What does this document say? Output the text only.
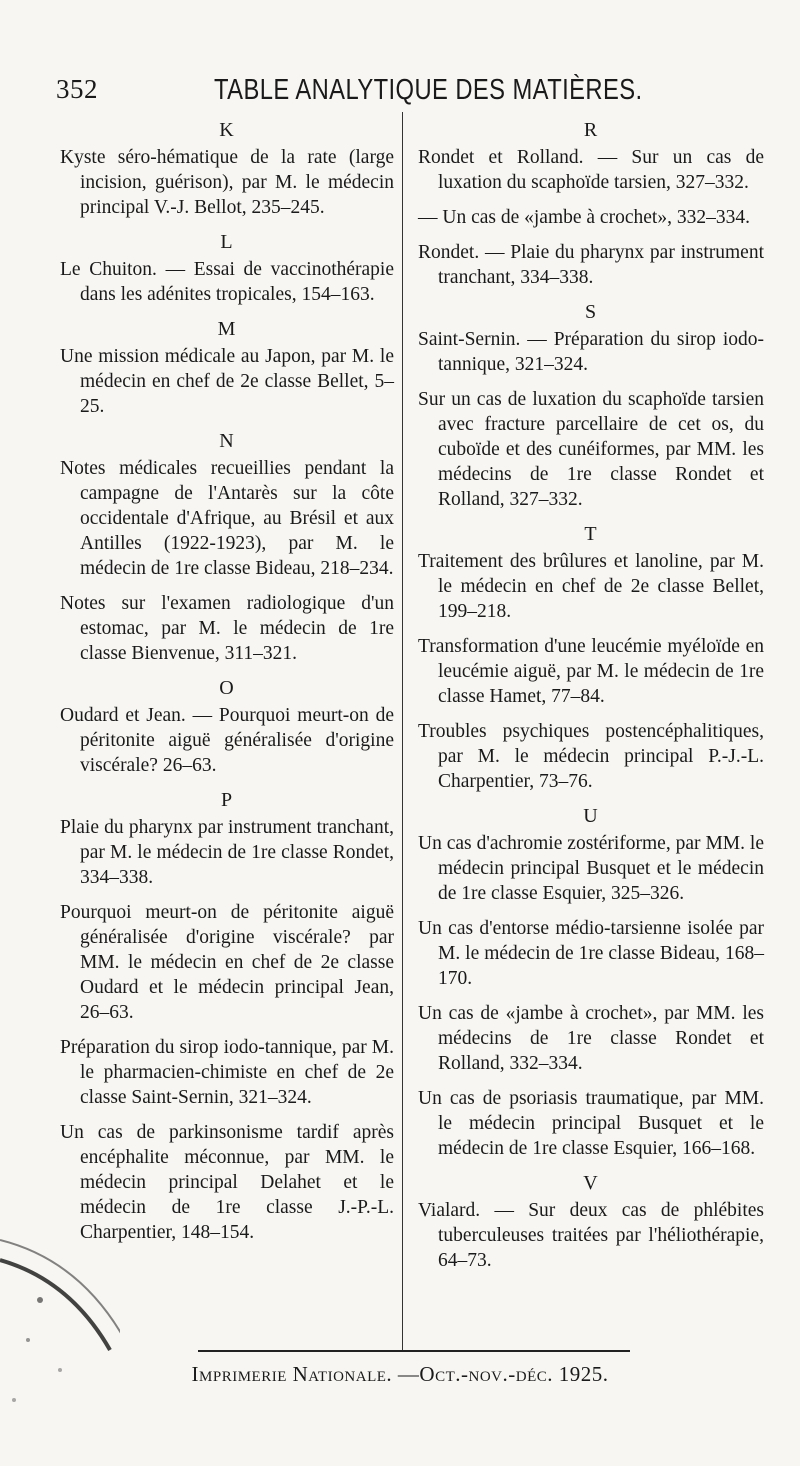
352	TABLE ANALYTIQUE DES MATIÈRES.
K
Kyste séro-hématique de la rate (large incision, guérison), par M. le médecin principal V.-J. Bellot, 235–245.
L
Le Chuiton. — Essai de vaccinothérapie dans les adénites tropicales, 154–163.
M
Une mission médicale au Japon, par M. le médecin en chef de 2e classe Bellet, 5–25.
N
Notes médicales recueillies pendant la campagne de l'Antarès sur la côte occidentale d'Afrique, au Brésil et aux Antilles (1922-1923), par M. le médecin de 1re classe Bideau, 218–234.
Notes sur l'examen radiologique d'un estomac, par M. le médecin de 1re classe Bienvenue, 311–321.
O
Oudard et Jean. — Pourquoi meurt-on de péritonite aiguë généralisée d'origine viscérale? 26–63.
P
Plaie du pharynx par instrument tranchant, par M. le médecin de 1re classe Rondet, 334–338.
Pourquoi meurt-on de péritonite aiguë généralisée d'origine viscérale? par MM. le médecin en chef de 2e classe Oudard et le médecin principal Jean, 26–63.
Préparation du sirop iodo-tannique, par M. le pharmacien-chimiste en chef de 2e classe Saint-Sernin, 321–324.
Un cas de parkinsonisme tardif après encéphalite méconnue, par MM. le médecin principal Delahet et le médecin de 1re classe J.-P.-L. Charpentier, 148–154.
R
Rondet et Rolland. — Sur un cas de luxation du scaphoïde tarsien, 327–332.
— Un cas de «jambe à crochet», 332–334.
Rondet. — Plaie du pharynx par instrument tranchant, 334–338.
S
Saint-Sernin. — Préparation du sirop iodo-tannique, 321–324.
Sur un cas de luxation du scaphoïde tarsien avec fracture parcellaire de cet os, du cuboïde et des cunéiformes, par MM. les médecins de 1re classe Rondet et Rolland, 327–332.
T
Traitement des brûlures et lanoline, par M. le médecin en chef de 2e classe Bellet, 199–218.
Transformation d'une leucémie myéloïde en leucémie aiguë, par M. le médecin de 1re classe Hamet, 77–84.
Troubles psychiques postencéphalitiques, par M. le médecin principal P.-J.-L. Charpentier, 73–76.
U
Un cas d'achromie zostériforme, par MM. le médecin principal Busquet et le médecin de 1re classe Esquier, 325–326.
Un cas d'entorse médio-tarsienne isolée par M. le médecin de 1re classe Bideau, 168–170.
Un cas de «jambe à crochet», par MM. les médecins de 1re classe Rondet et Rolland, 332–334.
Un cas de psoriasis traumatique, par MM. le médecin principal Busquet et le médecin de 1re classe Esquier, 166–168.
V
Vialard. — Sur deux cas de phlébites tuberculeuses traitées par l'héliothérapie, 64–73.
Imprimerie Nationale. —Oct.-nov.-déc. 1925.
